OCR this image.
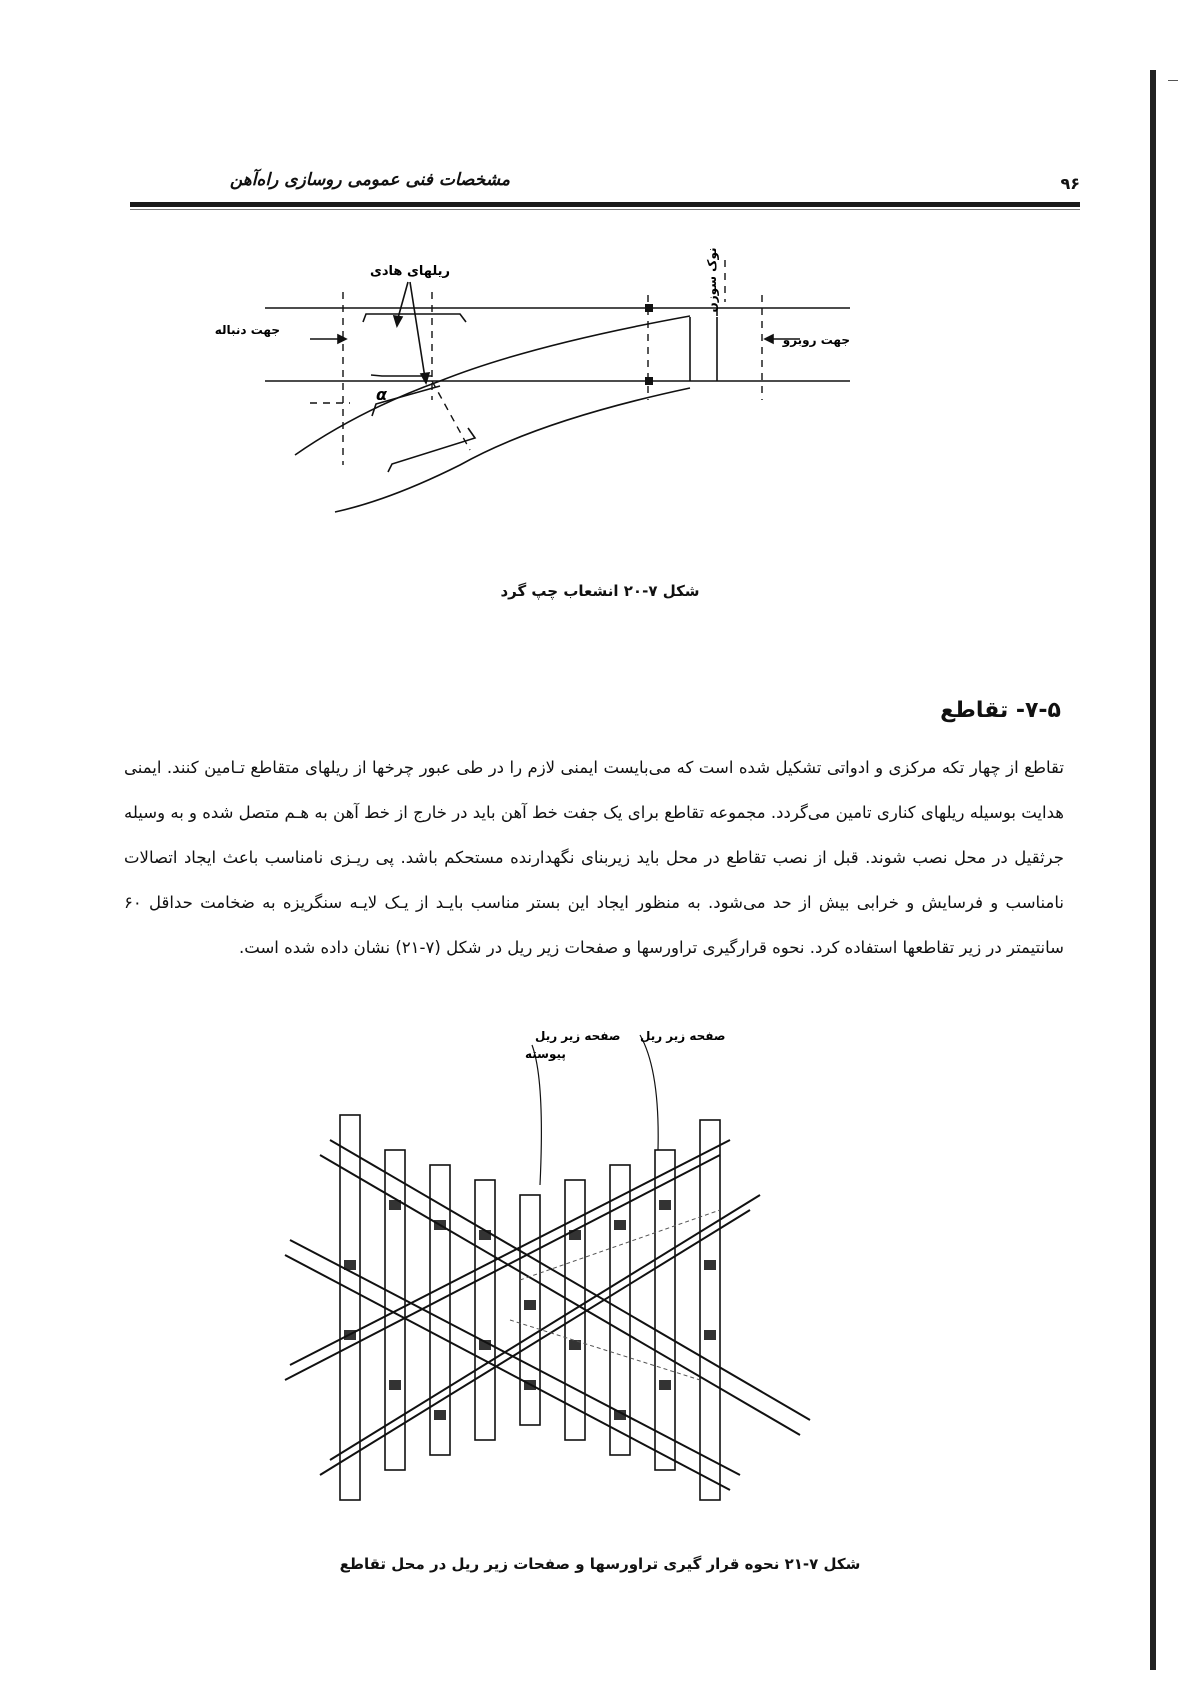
مشخصات فنی عمومی روسازی راه‌آهن	۹۶
ریلهای هادی	نوک سوزن
جهت دنباله
جهت روبرو
α
شکل ۷-۲۰ انشعاب چپ گرد
۷-۵- تقاطع
تقاطع از چهار تکه مرکزی و ادواتی تشکیل شده است که می‌بایست ایمنی لازم را در طی عبور چرخها از ریلهای متقاطع تـامین کنند. ایمنی هدایت بوسیله ریلهای کناری تامین می‌گردد. مجموعه تقاطع برای یک جفت خط آهن باید در خارج از خط آهن به هـم متصل شده و به وسیله جرثقیل در محل نصب شوند. قبل از نصب تقاطع در محل باید زیربنای نگهدارنده مستحکم باشد. پی ریـزی نامناسب باعث ایجاد اتصالات نامناسب و فرسایش و خرابی بیش از حد می‌شود. به منظور ایجاد این بستر مناسب بایـد از یـک لایـه سنگریزه به ضخامت حداقل ۶۰ سانتیمتر در زیر تقاطعها استفاده کرد. نحوه قرارگیری تراورسها و صفحات زیر ریل در شکل (۷-۲۱) نشان داده شده است.
صفحه زیر ریل
صفحه زیر ریل
پیوسته
شکل ۷-۲۱ نحوه قرار گیری تراورسها و صفحات زیر ریل در محل تقاطع
